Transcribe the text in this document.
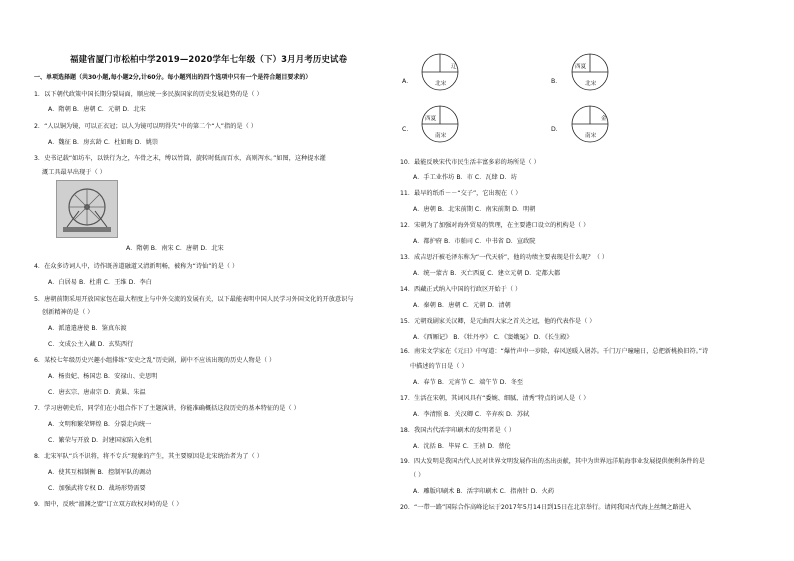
福建省厦门市松柏中学2019—2020学年七年级（下）3月月考历史试卷
一、单项选择题（共30小题,每小题2分,计60分。每小题列出的四个选项中只有一个是符合题目要求的）
1．以下朝代政策中国长期分裂局面，顺应统一多民族国家的历史发展趋势的是（ ）
A．隋朝 B．唐朝 C．元朝 D．北宋
2．“人以铜为镜，可以正衣冠；以人为镜可以明得失”中的第二个“人”指的是（ ）
A．魏征 B．房玄龄 C．杜如晦 D．姚崇
3．史书记载“如坊车，以铁行为之，车骨之末，缚以竹筒，旋转时低而百水，高则泻水。”如图，这种提水灌
溉工具最早出现于（ ）
A．隋朝 B．南宋 C．唐朝 D．北宋
4．在众多诗词人中，诗作既善道融道又清新明畅，被称为“诗仙”的是（ ）
A．白居易 B．杜甫 C．王维 D．李白
5．唐朝前期采用开放国家包在最大程度上与中外交流的发展有关，以下最能表明中国人民学习外国文化的开放意识与
创新精神的是（ ）
A．派遣遣唐使 B．鉴真东渡
C．文成公主入藏 D．玄奘西行
6．某校七年级历史兴趣小组排练“安史之乱”历史剧，剧中不应该出现的历史人物是（ ）
A．杨贵妃、杨国忠 B．安禄山、史思明
C．唐玄宗、唐肃宗 D．黄巢、朱温
7．学习唐朝史后，同学们在小组合作下了主题演讲，你能准确概括这段历史的基本特征的是（ ）
A．文明和繁荣辉煌 B．分裂走向统一
C．繁荣与开放 D．封建国家陷入危机
8．北宋军队“兵不识将，将不专兵”现象的产生，其主要原因是北宋统治者为了（ ）
A．使其互相制衡 B．控制军队的调动
C．加强武将专权 D．战场形势需要
9．图中，反映“澶渊之盟”订立双方政权对峙的是（ ）
辽
北宋
A．
西夏
北宋
B．
西夏
南宋
C．
金
南宋
D．
10．最能反映宋代市民生活丰富多彩的场所是（ ）
A．手工业作坊 B．市 C．瓦肆 D．坊
11．最早的纸币－－“交子”，它出现在（ ）
A．唐朝 B．北宋前期 C．南宋前期 D．明朝
12．宋朝为了加强对海外贸易的管理，在主要港口设立的机构是（ ）
A．都护府 B．市舶司 C．中书省 D．宣政院
13．成吉思汗被毛泽东称为“一代天骄”，他的功绩主要表现是什么呢？（ ）
A．统一蒙古 B．灭亡西夏 C．建立元朝 D．定都大都
14．西藏正式纳入中国的行政区开始于（ ）
A．秦朝 B．唐朝 C．元朝 D．清朝
15．元朝戏剧家关汉卿，是元曲四大家之首关之冠，他的代表作是（ ）
A．《西厢记》 B．《牡丹亭》 C．《窦娥冤》 D．《长生殿》
16．南宋文学家在《元日》中写道：“爆竹声中一岁除，春风送暖入屠苏。千门万户曈曈日，总把新桃换旧符。”诗
中描述的节日是（ ）
A．春节 B．元宵节 C．端午节 D．冬至
17．生活在宋朝，其词风具有“委婉、细腻、清秀”特点的词人是（ ）
A．李清照 B．关汉卿 C．辛弃疾 D．苏轼
18．我国古代活字印刷术的发明者是（ ）
A．沈括 B．毕昇 C．王祯 D．蔡伦
19．四大发明是我国古代人民对世界文明发展作出的杰出贡献，其中为世界远洋航海事业发展提供便利条件的是
（ ）
A．雕版印刷术 B．活字印刷术 C．指南针 D．火药
20．“一带一路”国际合作高峰论坛于2017年5月14日到15日在北京举行。请问我国古代海上丝绸之路进入
